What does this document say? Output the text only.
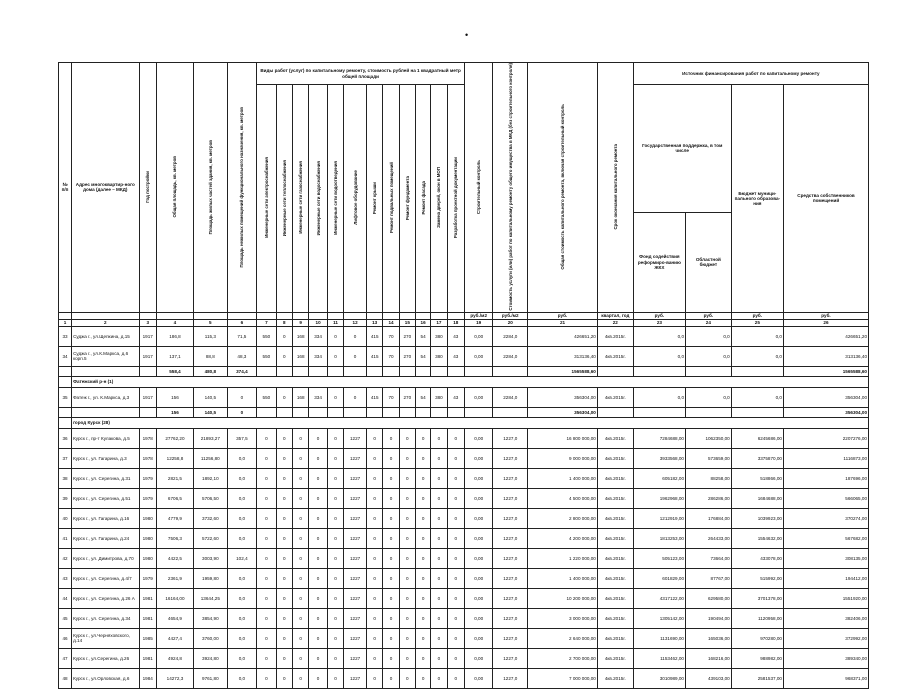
•
№ п/п	Адрес многоквартир-ного дома (далее – МКД)	Год постройки	Общая площадь, кв. метров	Площадь жилых частей здания, кв. метров	Площадь нежилых помещений функционального назначения, кв. метров	Виды работ (услуг) по капитальному ремонту, стоимость рублей на 1 квадратный метр общей площади												Строительный контроль	Стоимость услуги (или) работ по капитальному ремонту общего имущества в МКД (без строительного контроля)	Общая стоимость капитального ремонта, включая строительный контроль	Срок окончания капитального ремонта	Источник финансирования работ по капитальному ремонту			
						Инженерные сети электроснабжения	Инженерные сети теплоснабжения	Инженерные сети газоснабжения	Инженерные сети водоснабжения	Инженерные сети водоотведения	Лифтовое оборудование	Ремонт крыши	Ремонт подвальных помещений	Ремонт фундамента	Ремонт фасада	Замена дверей, окон в МОП	Разработка проектной документации					Государственная поддержка, в том числе		Бюджет муници-пального образова-ния	Средства собственников помещений
																						Фонд содействия реформиро-ванию ЖКХ	Областной бюджет		
																		руб./м2	руб./м2	руб.	квартал, год	руб.	руб.	руб.	руб.
1	2	3	4	5	6	7	8	9	10	11	12	13	14	15	16	17	18	19	20	21	22	23	24	25	26
33	Суджа г., ул.Щепкина, д.15	1917	186,8	115,3	71,5	550	0	168	334	0	0	415	70	270	54	380	43	0,00	2284,0	426651,20	4кв.2015г.	0,0	0,0	0,0	426651,20
34	Суджа г., ул.К.Маркса, д.6 корп.5	1917	137,1	88,8	48,3	550	0	168	334	0	0	415	70	270	54	380	43	0,00	2284,0	313136,40	4кв.2015г.	0,0	0,0	0,0	313136,40
			558,4	480,8	374,4															1565588,60					1565588,60
	Фатежский р-н (1)																								
35	Фатеж г., ул. К.Маркса, д.3	1917	156	140,5	0	550	0	168	334	0	0	415	70	270	54	380	43	0,00	2284,0	356304,00	4кв.2015г.	0,0	0,0	0,0	356304,00
			156	140,5	0															356304,00					356304,00
	город Курск (28)																								
36	Курск г., пр-т Кулакова, д.5	1978	27762,20	21893,27	357,5	0	0	0	0	0	1227	0	0	0	0	0	0	0,00	1227,0	16 800 000,00	4кв.2015г.	7284688,00	1062350,00	6245686,00	2207276,00
37	Курск г., ул. Гагарина, д.3	1978	12258,8	11256,80	0,0	0	0	0	0	0	1227	0	0	0	0	0	0	0,00	1227,0	9 000 000,00	4кв.2015г.	3933568,00	573659,00	3375870,00	1116873,00
38	Курск г., ул. Серегина, д.31	1979	2821,5	1892,10	0,0	0	0	0	0	0	1227	0	0	0	0	0	0	0,00	1227,0	1 400 000,00	4кв.2015г.	605182,00	88258,00	518866,00	187696,00
39	Курск г., ул. Серегина, д.51	1979	6706,5	5706,50	0,0	0	0	0	0	0	1227	0	0	0	0	0	0	0,00	1227,0	4 500 000,00	4кв.2015г.	1962968,00	286286,00	1684688,00	566065,00
40	Курск г., ул. Гагарина, д.16	1980	4779,9	3732,60	0,0	0	0	0	0	0	1227	0	0	0	0	0	0	0,00	1227,0	2 800 000,00	4кв.2015г.	1212919,00	176884,00	1039923,00	370274,00
41	Курск г., ул. Гагарина, д.24	1980	7506,3	5722,60	0,0	0	0	0	0	0	1227	0	0	0	0	0	0	0,00	1227,0	4 200 000,00	4кв.2015г.	1813253,00	264433,00	1554632,00	567682,00
42	Курск г., ул. Димитрова, д.70	1980	4422,5	3003,90	102,4	0	0	0	0	0	1227	0	0	0	0	0	0	0,00	1227,0	1 220 000,00	4кв.2015г.	505123,00	73664,00	433078,00	308135,00
43	Курск г., ул. Серегина, д.4/7	1979	2361,9	1959,80	0,0	0	0	0	0	0	1227	0	0	0	0	0	0	0,00	1227,0	1 400 000,00	4кв.2015г.	601829,00	87767,00	515992,00	194412,00
44	Курск г., ул. Серегина, д.26 А	1981	16164,00	13644,25	0,0	0	0	0	0	0	1227	0	0	0	0	0	0	0,00	1227,0	10 200 000,00	4кв.2015г.	4317122,00	629580,00	3701378,00	1551920,00
45	Курск г., ул. Серегина, д.34	1981	4654,9	3854,90	0,0	0	0	0	0	0	1227	0	0	0	0	0	0	0,00	1227,0	3 000 000,00	4кв.2015г.	1305142,00	190494,00	1120958,00	382406,00
46	Курск г., ул.Черняховского, д.14	1985	4427,4	3760,00	0,0	0	0	0	0	0	1227	0	0	0	0	0	0	0,00	1227,0	2 640 000,00	4кв.2015г.	1131690,00	165036,00	970280,00	372992,00
47	Курск г., ул.Серегина, д.26	1981	4924,8	3924,80	0,0	0	0	0	0	0	1227	0	0	0	0	0	0	0,00	1227,0	2 700 000,00	4кв.2015г.	1153462,00	168216,00	988982,00	389340,00
48	Курск г., ул.Орловская, д.6	1984	14272,3	9761,80	0,0	0	0	0	0	0	1227	0	0	0	0	0	0	0,00	1227,0	7 000 000,00	4кв.2015г.	3010989,00	439103,00	2581537,00	968371,00
